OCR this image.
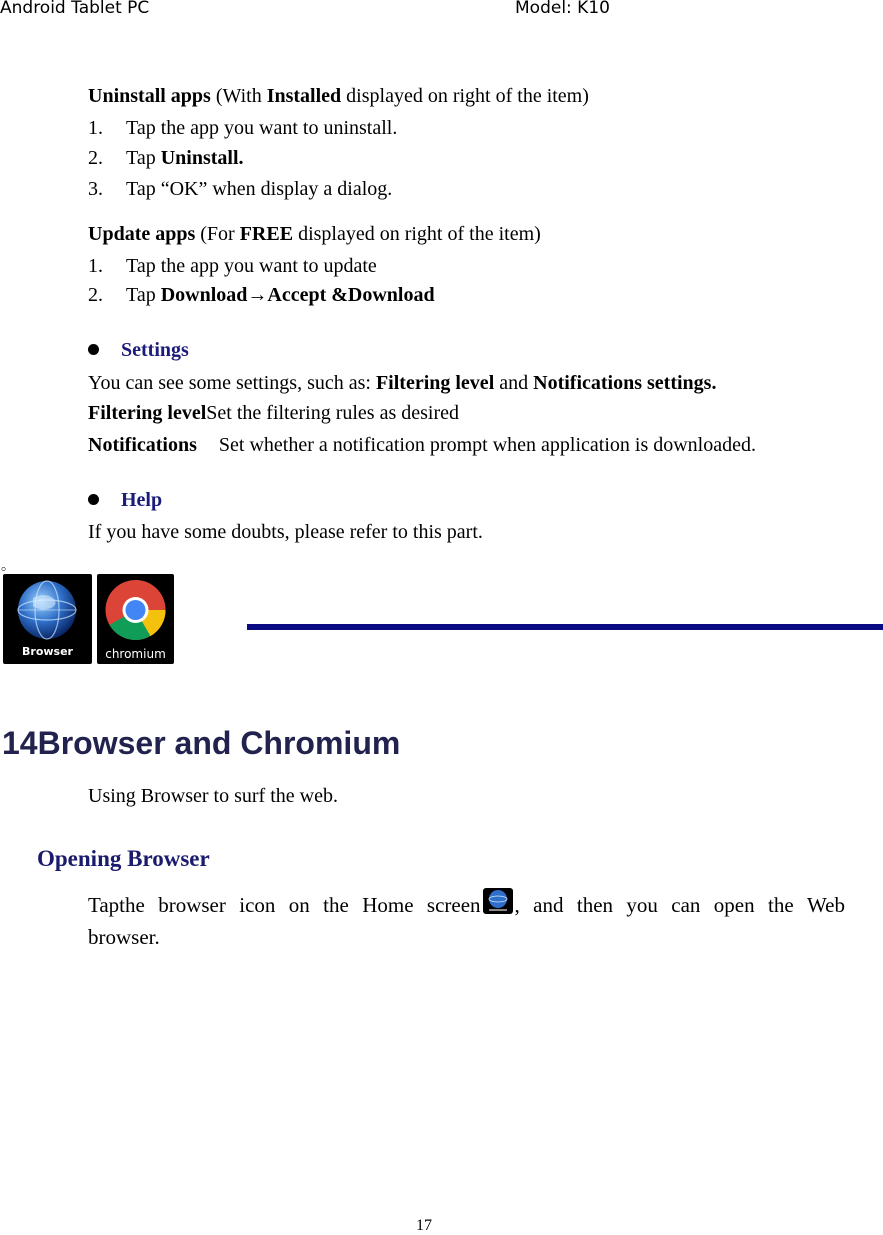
Android Tablet PC	Model: K10
Uninstall apps (With Installed displayed on right of the item)
1. Tap the app you want to uninstall.
2. Tap Uninstall.
3. Tap “OK” when display a dialog.
Update apps (For FREE displayed on right of the item)
1. Tap the app you want to update
2. Tap Download→Accept &Download
Settings
You can see some settings, such as: Filtering level and Notifications settings.
Filtering levelSet the filtering rules as desired
Notifications Set whether a notification prompt when application is downloaded.
Help
If you have some doubts, please refer to this part.
。
Browser	chromium
14Browser and Chromium
Using Browser to surf the web.
Opening Browser
Tapthe browser icon on the Home screen , and then you can open the Web
browser.
17
